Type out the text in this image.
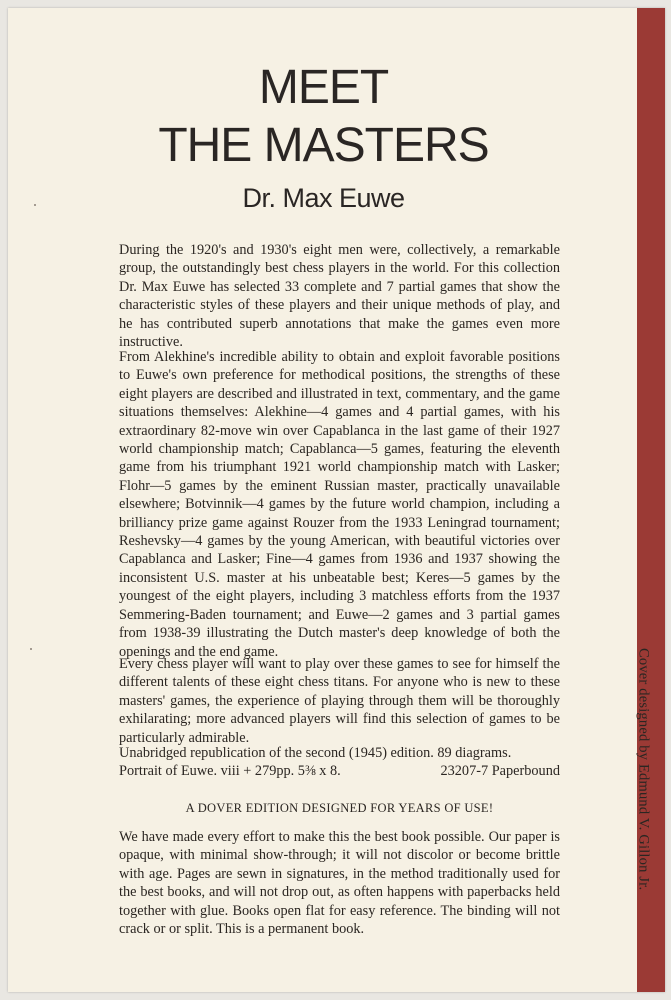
MEET
THE MASTERS
Dr. Max Euwe

During the 1920's and 1930's eight men were, collectively, a remarkable group, the outstandingly best chess players in the world. For this collection Dr. Max Euwe has selected 33 complete and 7 partial games that show the characteristic styles of these players and their unique methods of play, and he has contributed superb annotations that make the games even more instructive.

From Alekhine's incredible ability to obtain and exploit favorable positions to Euwe's own preference for methodical positions, the strengths of these eight players are described and illustrated in text, commentary, and the game situations themselves: Alekhine—4 games and 4 partial games, with his extraordinary 82-move win over Capablanca in the last game of their 1927 world championship match; Capablanca—5 games, featuring the eleventh game from his triumphant 1921 world championship match with Lasker; Flohr—5 games by the eminent Russian master, practically unavailable elsewhere; Botvinnik—4 games by the future world champion, including a brilliancy prize game against Rouzer from the 1933 Leningrad tournament; Reshevsky—4 games by the young American, with beautiful victories over Capablanca and Lasker; Fine—4 games from 1936 and 1937 showing the inconsistent U.S. master at his unbeatable best; Keres—5 games by the youngest of the eight players, including 3 matchless efforts from the 1937 Semmering-Baden tournament; and Euwe—2 games and 3 partial games from 1938-39 illustrating the Dutch master's deep knowledge of both the openings and the end game.

Every chess player will want to play over these games to see for himself the different talents of these eight chess titans. For anyone who is new to these masters' games, the experience of playing through them will be thoroughly exhilarating; more advanced players will find this selection of games to be particularly admirable.

Unabridged republication of the second (1945) edition. 89 diagrams.
Portrait of Euwe. viii + 279pp. 5⅜ x 8.	23207-7 Paperbound
A DOVER EDITION DESIGNED FOR YEARS OF USE!

We have made every effort to make this the best book possible. Our paper is opaque, with minimal show-through; it will not discolor or become brittle with age. Pages are sewn in signatures, in the method traditionally used for the best books, and will not drop out, as often happens with paperbacks held together with glue. Books open flat for easy reference. The binding will not crack or or split. This is a permanent book.

Cover designed by Edmund V. Gillon Jr.
